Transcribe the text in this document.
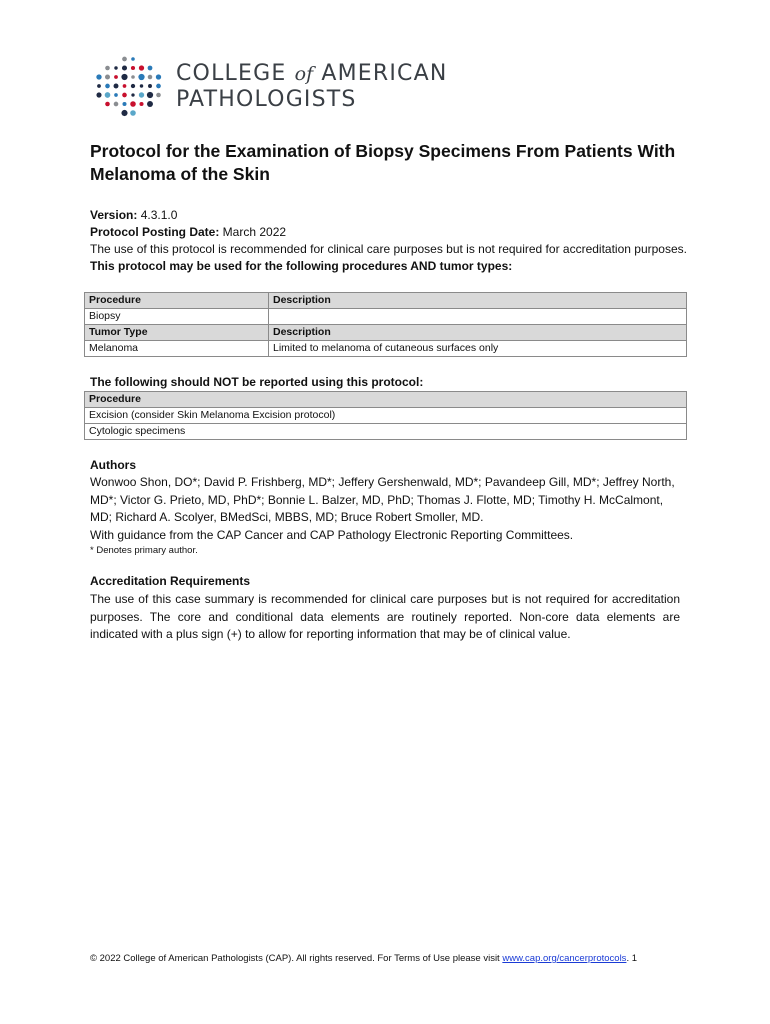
COLLEGE of AMERICAN
PATHOLOGISTS
Protocol for the Examination of Biopsy Specimens From Patients With Melanoma of the Skin

Version: 4.3.1.0

Protocol Posting Date: March 2022

The use of this protocol is recommended for clinical care purposes but is not required for accreditation purposes.

This protocol may be used for the following procedures AND tumor types:

Procedure	Description
Biopsy	
Tumor Type	Description
Melanoma	Limited to melanoma of cutaneous surfaces only
The following should NOT be reported using this protocol:
Procedure
Excision (consider Skin Melanoma Excision protocol)
Cytologic specimens
Authors

Wonwoo Shon, DO*; David P. Frishberg, MD*; Jeffery Gershenwald, MD*; Pavandeep Gill, MD*; Jeffrey North, MD*; Victor G. Prieto, MD, PhD*; Bonnie L. Balzer, MD, PhD; Thomas J. Flotte, MD; Timothy H. McCalmont, MD; Richard A. Scolyer, BMedSci, MBBS, MD; Bruce Robert Smoller, MD.

With guidance from the CAP Cancer and CAP Pathology Electronic Reporting Committees.

* Denotes primary author.

Accreditation Requirements
The use of this case summary is recommended for clinical care purposes but is not required for accreditation purposes. The core and conditional data elements are routinely reported. Non-core data elements are indicated with a plus sign (+) to allow for reporting information that may be of clinical value.
© 2022 College of American Pathologists (CAP). All rights reserved. For Terms of Use please visit www.cap.org/cancerprotocols. 1
